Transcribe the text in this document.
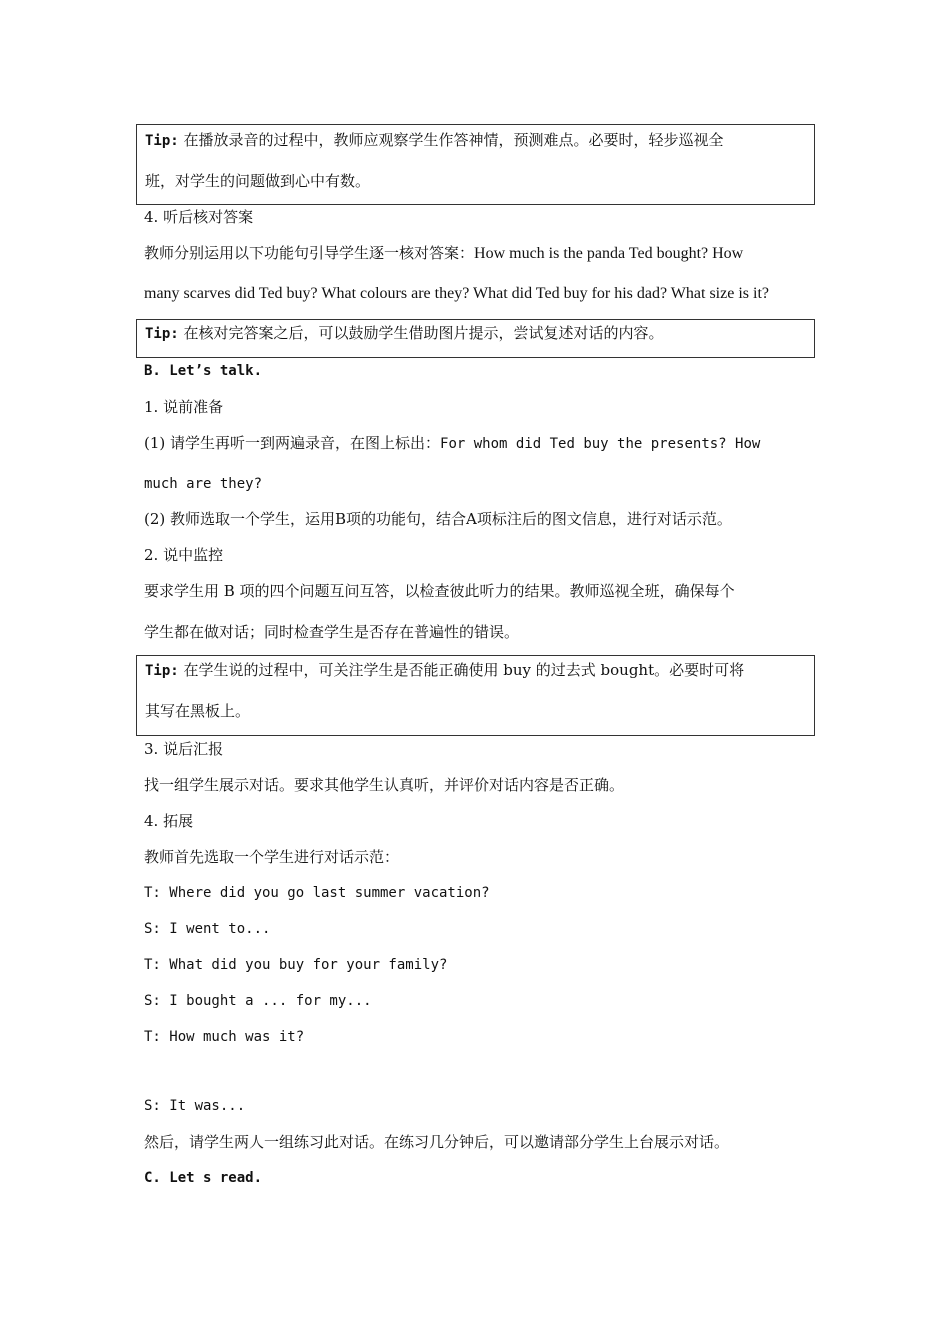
Tip: 在播放录音的过程中，教师应观察学生作答神情，预测难点。必要时，轻步巡视全
班，对学生的问题做到心中有数。
4. 听后核对答案
教师分别运用以下功能句引导学生逐一核对答案：How much is the panda Ted bought? How
many scarves did Ted buy? What colours are they? What did Ted buy for his dad? What size is it?
Tip: 在核对完答案之后，可以鼓励学生借助图片提示，尝试复述对话的内容。
B. Let’s talk.
1. 说前准备
(1) 请学生再听一到两遍录音，在图上标出：For whom did Ted buy the presents? How
much are they?
(2) 教师选取一个学生，运用B项的功能句，结合A项标注后的图文信息，进行对话示范。
2. 说中监控
要求学生用 B 项的四个问题互问互答，以检查彼此听力的结果。教师巡视全班，确保每个
学生都在做对话；同时检查学生是否存在普遍性的错误。
Tip: 在学生说的过程中，可关注学生是否能正确使用 buy 的过去式 bought。必要时可将
其写在黑板上。
3. 说后汇报
找一组学生展示对话。要求其他学生认真听，并评价对话内容是否正确。
4. 拓展
教师首先选取一个学生进行对话示范：
T: Where did you go last summer vacation?
S: I went to...
T: What did you buy for your family?
S: I bought a ... for my...
T: How much was it?
S: It was...
然后，请学生两人一组练习此对话。在练习几分钟后，可以邀请部分学生上台展示对话。
C. Let s read.
